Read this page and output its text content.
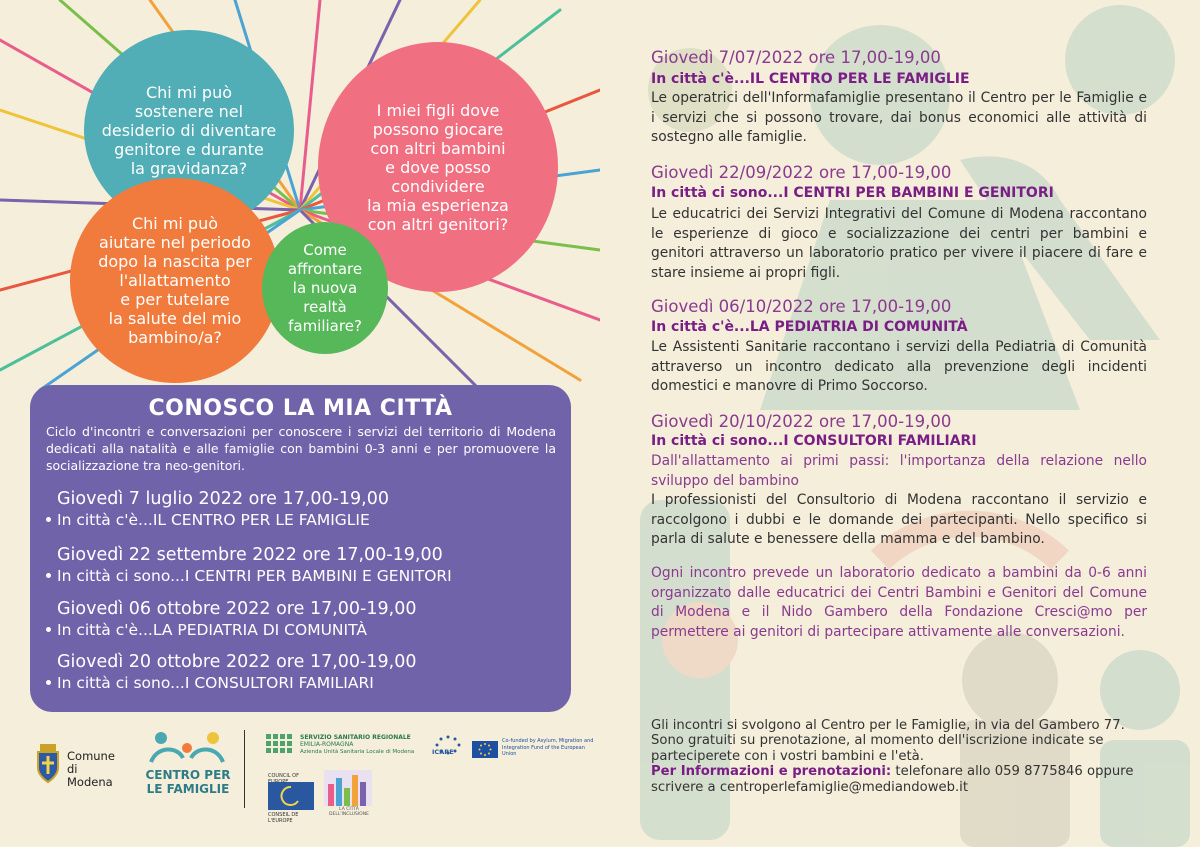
Chi mi può
sostenere nel
desiderio di diventare
genitore e durante
la gravidanza?
I miei figli dove
possono giocare
con altri bambini
e dove posso
condividere
la mia esperienza
con altri genitori?
Chi mi può
aiutare nel periodo
dopo la nascita per
l'allattamento
e per tutelare
la salute del mio
bambino/a?
Come
affrontare
la nuova
realtà
familiare?
CONOSCO LA MIA CITTÀ
Ciclo d'incontri e conversazioni per conoscere i servizi del territorio di Modena dedicati alla natalità e alle famiglie con bambini 0-3 anni e per promuovere la socializzazione tra neo-genitori.
Giovedì 7 luglio 2022 ore 17,00-19,00
In città c'è...IL CENTRO PER LE FAMIGLIE
Giovedì 22 settembre 2022 ore 17,00-19,00
In città ci sono...I CENTRI PER BAMBINI E GENITORI
Giovedì 06 ottobre 2022 ore 17,00-19,00
In città c'è...LA PEDIATRIA DI COMUNITÀ
Giovedì 20 ottobre 2022 ore 17,00-19,00
In città ci sono...I CONSULTORI FAMILIARI
Comune
di Modena	CENTRO PER
LE FAMIGLIE
SERVIZIO SANITARIO REGIONALE
EMILIA-ROMAGNA
Azienda Unità Sanitaria Locale di Modena
COUNCIL OF
CONSEIL DE L'EUROPE
LA CITTÀ DELL'INCLUSIONE
ICARE
Co-funded by Asylum, Migration and Integration Fund of the European Union
Giovedì 7/07/2022 ore 17,00-19,00
In città c'è...IL CENTRO PER LE FAMIGLIE
Le operatrici dell'Informafamiglie presentano il Centro per le Famiglie e i servizi che si possono trovare, dai bonus economici alle attività di sostegno alle famiglie.
Giovedì 22/09/2022 ore 17,00-19,00
In città ci sono...I CENTRI PER BAMBINI E GENITORI
Le educatrici dei Servizi Integrativi del Comune di Modena raccontano le esperienze di gioco e socializzazione dei centri per bambini e genitori attraverso un laboratorio pratico per vivere il piacere di fare e stare insieme ai propri figli.
Giovedì 06/10/2022 ore 17,00-19,00
In città c'è...LA PEDIATRIA DI COMUNITÀ
Le Assistenti Sanitarie raccontano i servizi della Pediatria di Comunità attraverso un incontro dedicato alla prevenzione degli incidenti domestici e manovre di Primo Soccorso.
Giovedì 20/10/2022 ore 17,00-19,00
In città ci sono...I CONSULTORI FAMILIARI
Dall'allattamento ai primi passi: l'importanza della relazione nello sviluppo del bambino
I professionisti del Consultorio di Modena raccontano il servizio e raccolgono i dubbi e le domande dei partecipanti. Nello specifico si parla di salute e benessere della mamma e del bambino.
Ogni incontro prevede un laboratorio dedicato a bambini da 0-6 anni organizzato dalle educatrici dei Centri Bambini e Genitori del Comune di Modena e il Nido Gambero della Fondazione Cresci@mo per permettere ai genitori di partecipare attivamente alle conversazioni.
Gli incontri si svolgono al Centro per le Famiglie, in via del Gambero 77.
Sono gratuiti su prenotazione, al momento dell'iscrizione indicate se parteciperete con i vostri bambini e l'età.
Per Informazioni e prenotazioni: telefonare allo 059 8775846 oppure scrivere a centroperlefamiglie@mediandoweb.it
